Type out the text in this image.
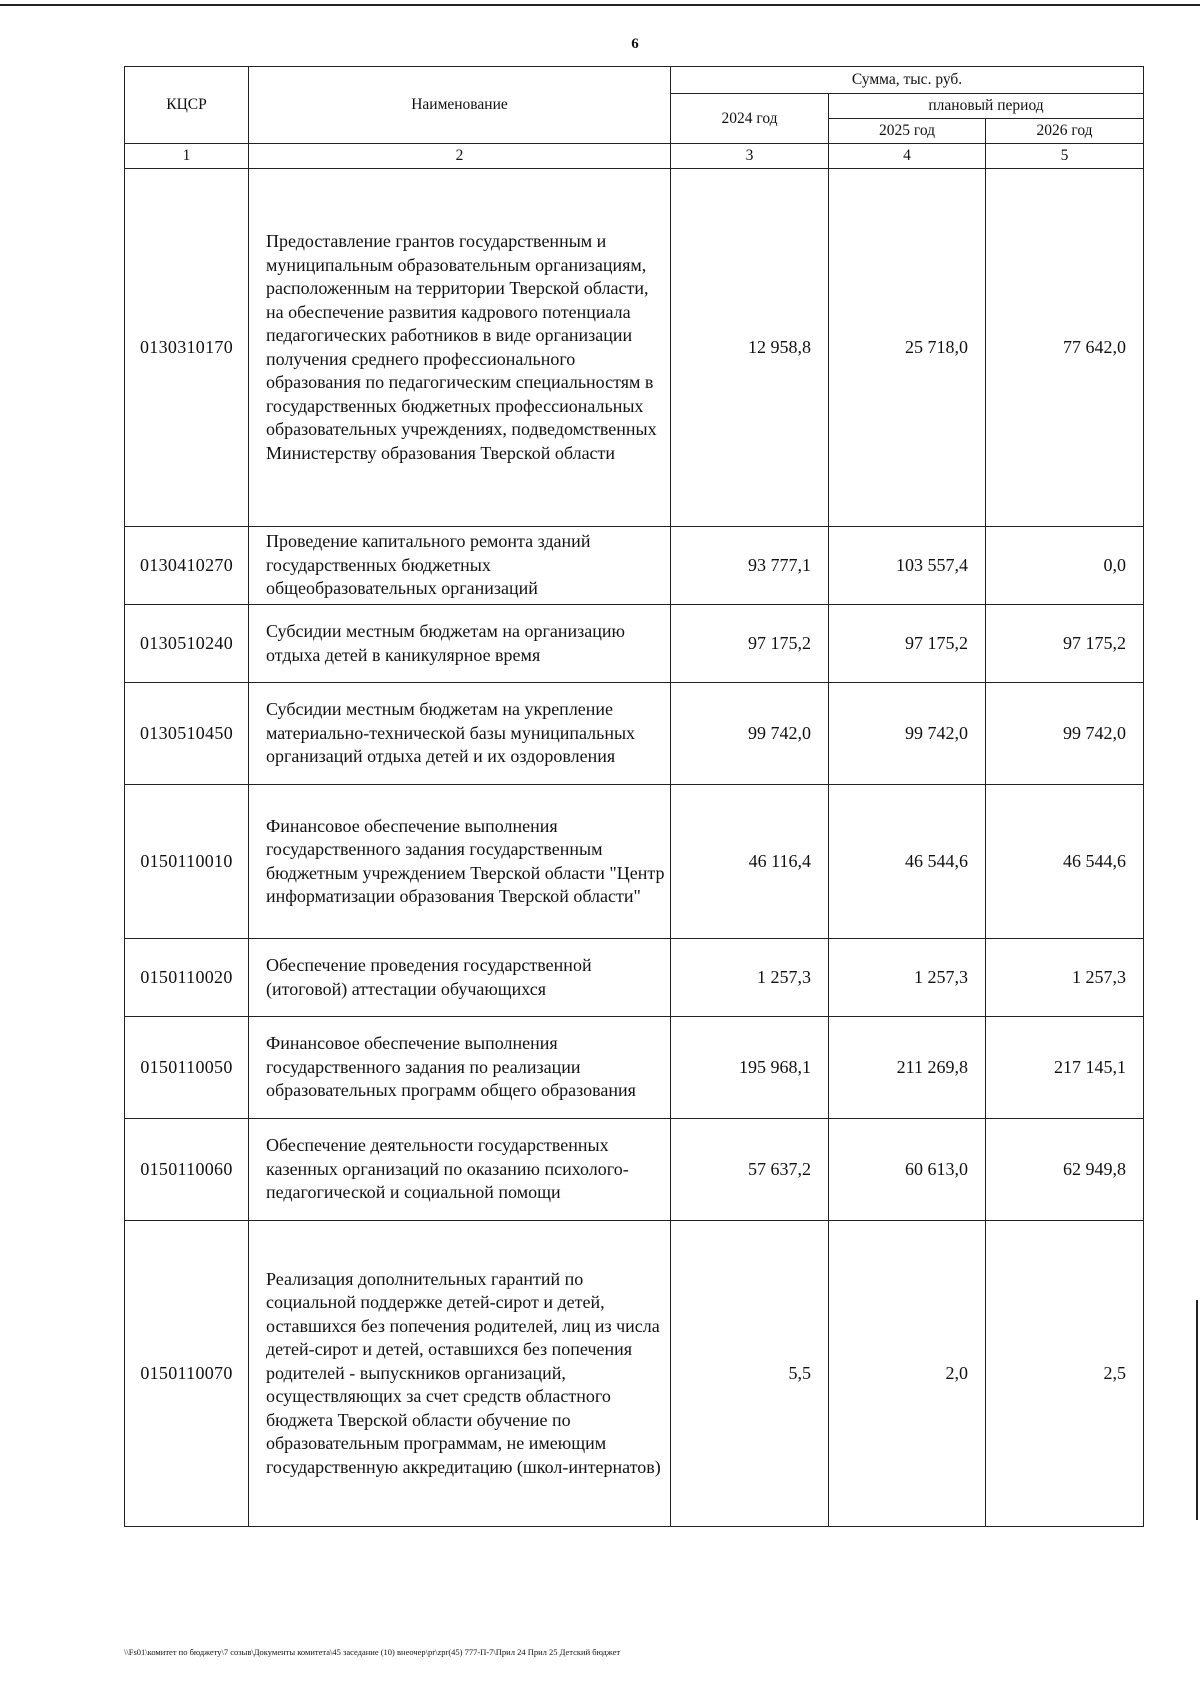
6
КЦСР	Наименование	Сумма, тыс. руб.		
		2024 год	плановый период	
			2025 год	2026 год
1	2	3	4	5
0130310170	Предоставление грантов государственным и муниципальным образовательным организациям, расположенным на территории Тверской области, на обеспечение развития кадрового потенциала педагогических работников в виде организации получения среднего профессионального образования по педагогическим специальностям в государственных бюджетных профессиональных образовательных учреждениях, подведомственных Министерству образования Тверской области	12 958,8	25 718,0	77 642,0
0130410270	Проведение капитального ремонта зданий государственных бюджетных общеобразовательных организаций	93 777,1	103 557,4	0,0
0130510240	Субсидии местным бюджетам на организацию отдыха детей в каникулярное время	97 175,2	97 175,2	97 175,2
0130510450	Субсидии местным бюджетам на укрепление материально-технической базы муниципальных организаций отдыха детей и их оздоровления	99 742,0	99 742,0	99 742,0
0150110010	Финансовое обеспечение выполнения государственного задания государственным бюджетным учреждением Тверской области "Центр информатизации образования Тверской области"	46 116,4	46 544,6	46 544,6
0150110020	Обеспечение проведения государственной (итоговой) аттестации обучающихся	1 257,3	1 257,3	1 257,3
0150110050	Финансовое обеспечение выполнения государственного задания по реализации образовательных программ общего образования	195 968,1	211 269,8	217 145,1
0150110060	Обеспечение деятельности государственных казенных организаций по оказанию психолого-педагогической и социальной помощи	57 637,2	60 613,0	62 949,8
0150110070	Реализация дополнительных гарантий по социальной поддержке детей-сирот и детей, оставшихся без попечения родителей, лиц из числа детей-сирот и детей, оставшихся без попечения родителей - выпускников организаций, осуществляющих за счет средств областного бюджета Тверской области обучение по образовательным программам, не имеющим государственную аккредитацию (школ-интернатов)	5,5	2,0	2,5
\\Fs01\комитет по бюджету\7 созыв\Документы комитета\45 заседание (10) внеочер\pr\zpr(45) 777-П-7\Прил 24 Прил 25 Детский бюджет
